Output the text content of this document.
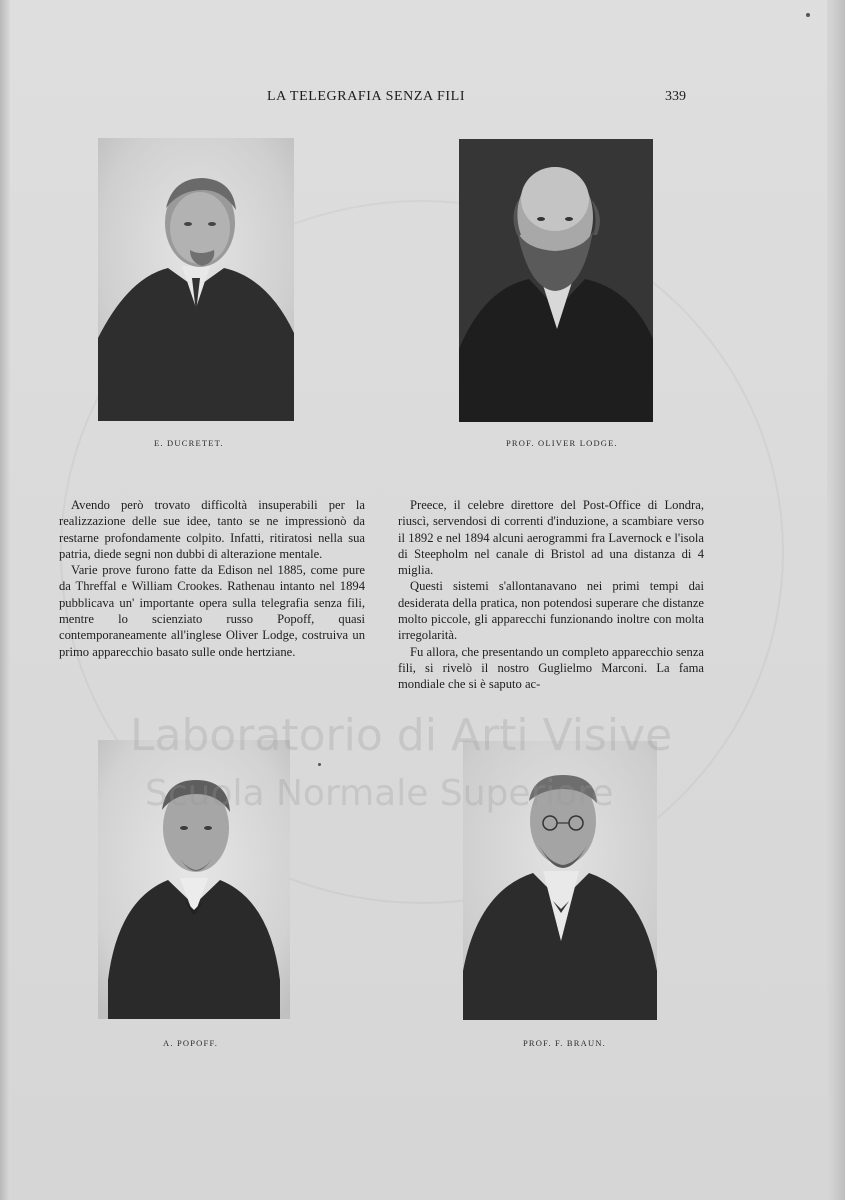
LA TELEGRAFIA SENZA FILI	339
E. DUCRETET.	PROF. OLIVER LODGE.
A. POPOFF.	PROF. F. BRAUN.

Avendo però trovato difficoltà insuperabili per la realizzazione delle sue idee, tanto se ne impressionò da restarne profondamente colpito. Infatti, ritiratosi nella sua patria, diede segni non dubbi di alterazione mentale.

Varie prove furono fatte da Edison nel 1885, come pure da Threffal e William Crookes. Rathenau intanto nel 1894 pubblicava un' importante opera sulla telegrafia senza fili, mentre lo scienziato russo Popoff, quasi contemporaneamente all'inglese Oliver Lodge, costruiva un primo apparecchio basato sulle onde hertziane.

Preece, il celebre direttore del Post-Office di Londra, riuscì, servendosi di correnti d'induzione, a scambiare verso il 1892 e nel 1894 alcuni aerogrammi fra Lavernock e l'isola di Steepholm nel canale di Bristol ad una distanza di 4 miglia.

Questi sistemi s'allontanavano nei primi tempi dai desiderata della pratica, non potendosi superare che distanze molto piccole, gli apparecchi funzionando inoltre con molta irregolarità.

Fu allora, che presentando un completo apparecchio senza fili, si rivelò il nostro Guglielmo Marconi. La fama mondiale che si è saputo ac-

Laboratorio di Arti Visive
Scuola Normale Superiore
